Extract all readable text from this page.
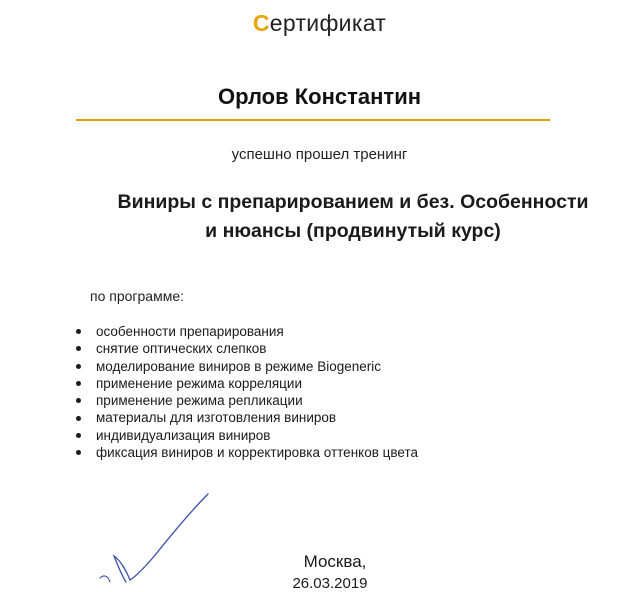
Сертификат
Орлов Константин
успешно прошел тренинг
Виниры с препарированием и без. Особенности
и нюансы (продвинутый курс)
по программе:
особенности препарирования
снятие оптических слепков
моделирование виниров в режиме Biogeneric
применение режима корреляции
применение режима репликации
материалы для изготовления виниров
индивидуализация виниров
фиксация виниров и корректировка оттенков цвета
Москва,
26.03.2019
